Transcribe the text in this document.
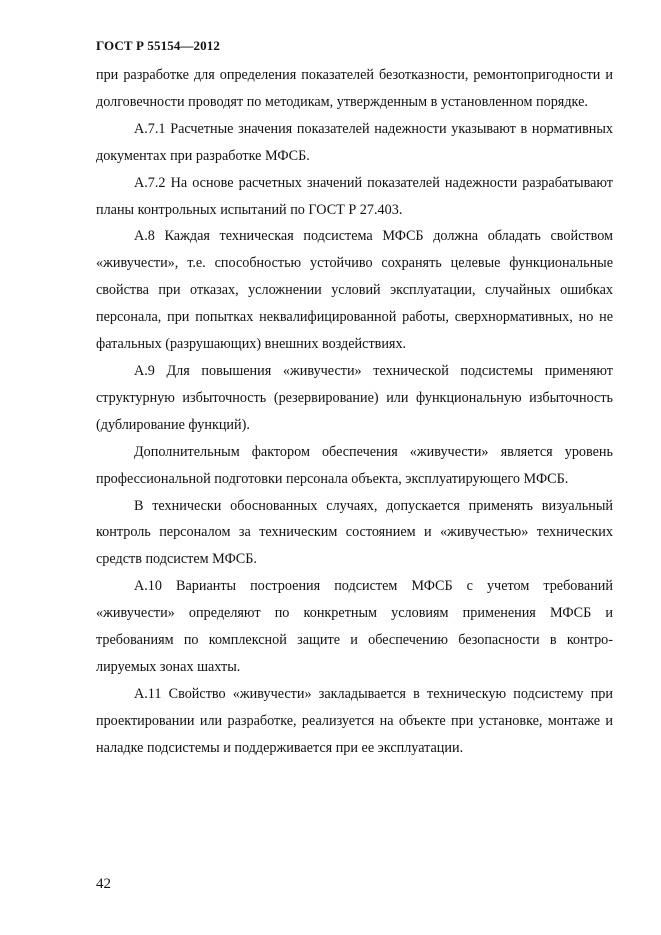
ГОСТ Р 55154—2012

при разработке для определения показателей безотказности, ремонтопригодности и долговечности проводят по методикам, утвержденным в установленном порядке.

А.7.1 Расчетные значения показателей надежности указывают в нормативных документах при разработке МФСБ.

А.7.2 На основе расчетных значений показателей надежности разрабатывают планы контрольных испытаний по ГОСТ Р 27.403.

А.8 Каждая техническая подсистема МФСБ должна обладать свойством «живучести», т.е. способностью устойчиво сохранять целевые функциональные свойства при отказах, усложнении условий эксплуатации, случайных ошибках персонала, при попытках неквалифицированной работы, сверхнормативных, но не фатальных (разрушающих) внешних воздействиях.

А.9 Для повышения «живучести» технической подсистемы применяют структурную избыточность (резервирование) или функциональную избыточность (дублирование функций).

Дополнительным фактором обеспечения «живучести» является уровень профессиональной подготовки персонала объекта, эксплуатирующего МФСБ.

В технически обоснованных случаях, допускается применять визуальный контроль персоналом за техническим состоянием и «живучестью» технических средств подсистем МФСБ.

А.10 Варианты построения подсистем МФСБ с учетом требований «живучести» определяют по конкретным условиям применения МФСБ и требованиям по комплексной защите и обеспечению безопасности в контролируемых зонах шахты.

А.11 Свойство «живучести» закладывается в техническую подсистему при проектировании или разработке, реализуется на объекте при установке, монтаже и наладке подсистемы и поддерживается при ее эксплуатации.

42
